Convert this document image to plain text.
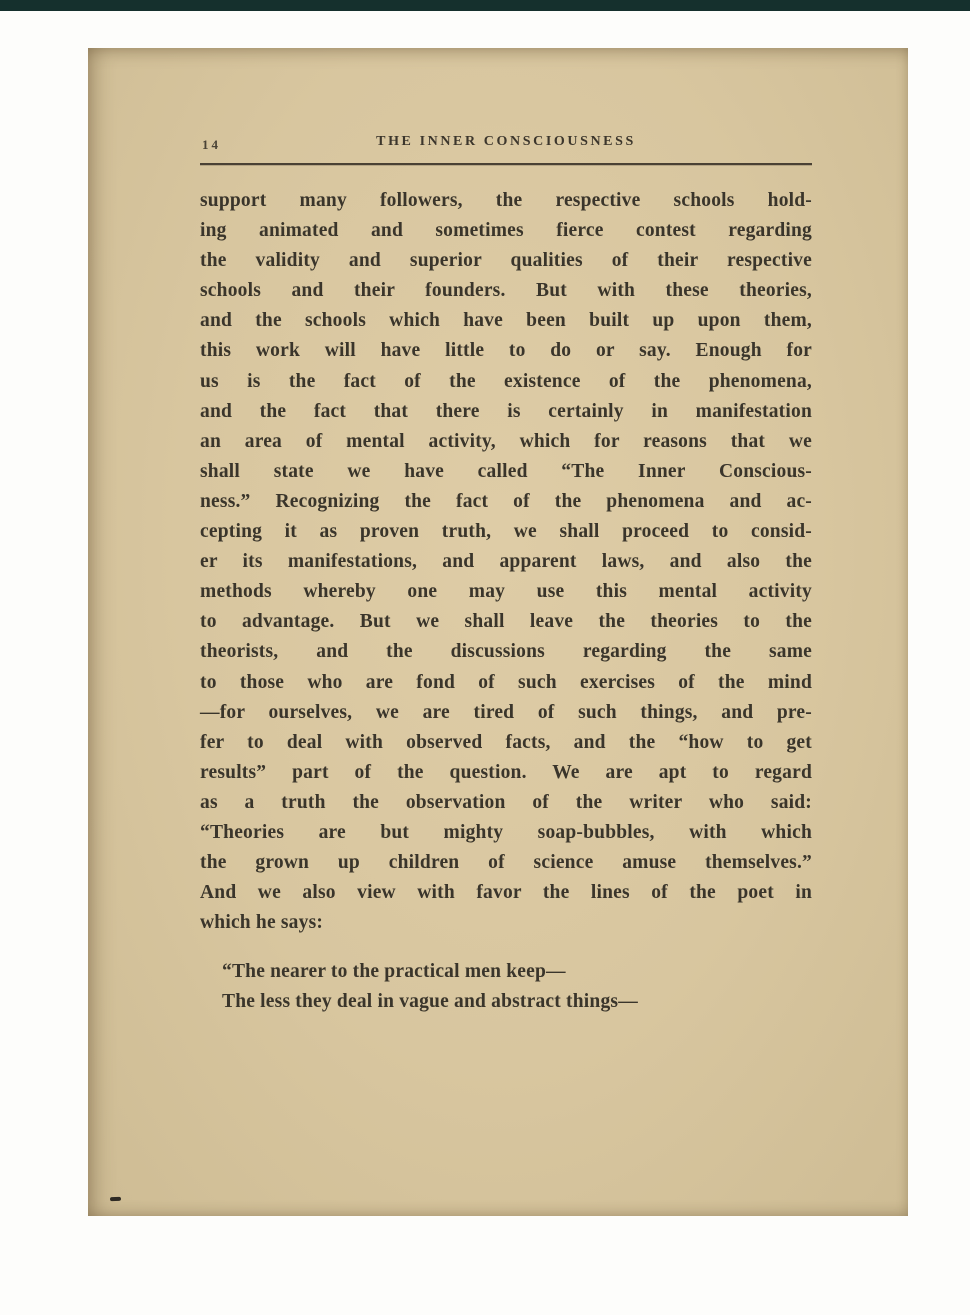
14	THE INNER CONSCIOUSNESS
support many followers, the respective schools hold-
ing animated and sometimes fierce contest regarding
the validity and superior qualities of their respective
schools and their founders. But with these theories,
and the schools which have been built up upon them,
this work will have little to do or say. Enough for
us is the fact of the existence of the phenomena,
and the fact that there is certainly in manifestation
an area of mental activity, which for reasons that we
shall state we have called “The Inner Conscious-
ness.” Recognizing the fact of the phenomena and ac-
cepting it as proven truth, we shall proceed to consid-
er its manifestations, and apparent laws, and also the
methods whereby one may use this mental activity
to advantage. But we shall leave the theories to the
theorists, and the discussions regarding the same
to those who are fond of such exercises of the mind
—for ourselves, we are tired of such things, and pre-
fer to deal with observed facts, and the “how to get
results” part of the question. We are apt to regard
as a truth the observation of the writer who said:
“Theories are but mighty soap-bubbles, with which
the grown up children of science amuse themselves.”
And we also view with favor the lines of the poet in
which he says:
“The nearer to the practical men keep—
The less they deal in vague and abstract things—
